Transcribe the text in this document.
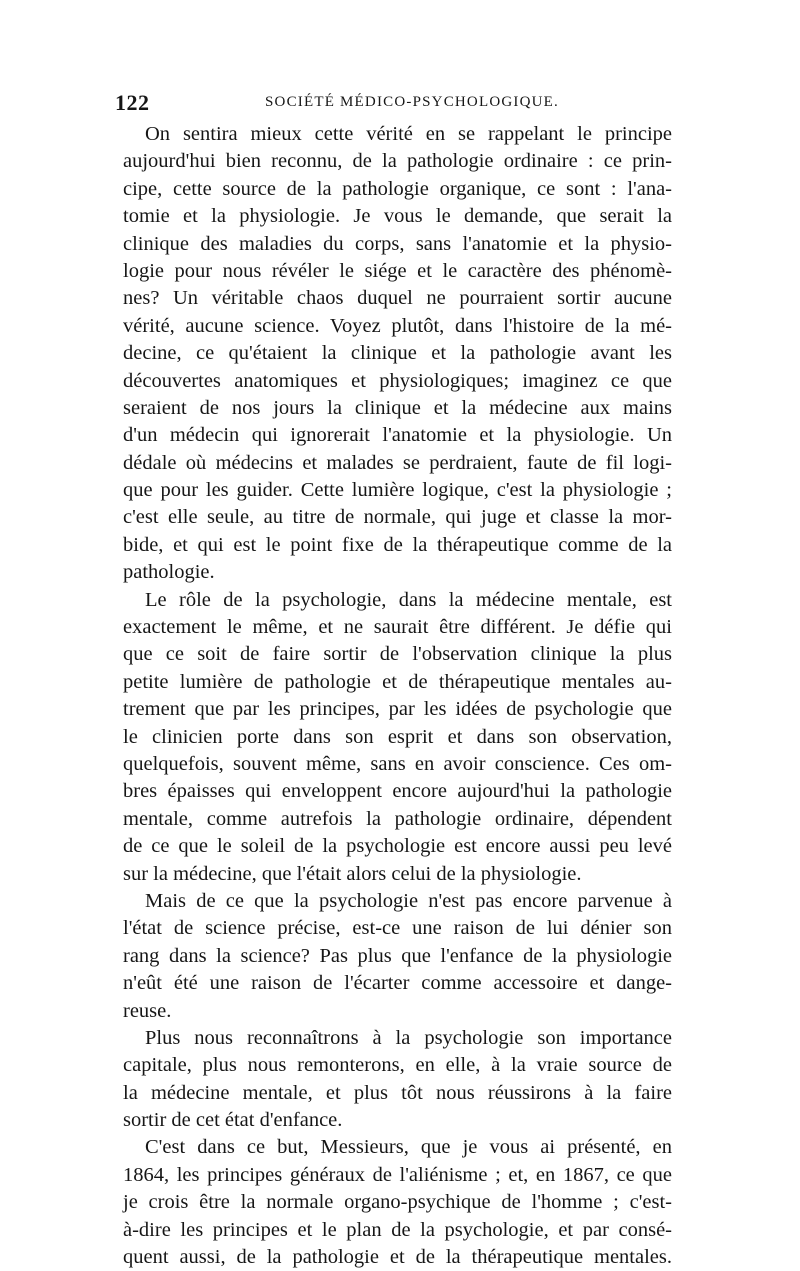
122	SOCIÉTÉ MÉDICO-PSYCHOLOGIQUE.
On sentira mieux cette vérité en se rappelant le principe
aujourd'hui bien reconnu, de la pathologie ordinaire : ce prin-
cipe, cette source de la pathologie organique, ce sont : l'ana-
tomie et la physiologie. Je vous le demande, que serait la
clinique des maladies du corps, sans l'anatomie et la physio-
logie pour nous révéler le siége et le caractère des phénomè-
nes? Un véritable chaos duquel ne pourraient sortir aucune
vérité, aucune science. Voyez plutôt, dans l'histoire de la mé-
decine, ce qu'étaient la clinique et la pathologie avant les
découvertes anatomiques et physiologiques; imaginez ce que
seraient de nos jours la clinique et la médecine aux mains
d'un médecin qui ignorerait l'anatomie et la physiologie. Un
dédale où médecins et malades se perdraient, faute de fil logi-
que pour les guider. Cette lumière logique, c'est la physiologie ;
c'est elle seule, au titre de normale, qui juge et classe la mor-
bide, et qui est le point fixe de la thérapeutique comme de la
pathologie.
Le rôle de la psychologie, dans la médecine mentale, est
exactement le même, et ne saurait être différent. Je défie qui
que ce soit de faire sortir de l'observation clinique la plus
petite lumière de pathologie et de thérapeutique mentales au-
trement que par les principes, par les idées de psychologie que
le clinicien porte dans son esprit et dans son observation,
quelquefois, souvent même, sans en avoir conscience. Ces om-
bres épaisses qui enveloppent encore aujourd'hui la pathologie
mentale, comme autrefois la pathologie ordinaire, dépendent
de ce que le soleil de la psychologie est encore aussi peu levé
sur la médecine, que l'était alors celui de la physiologie.
Mais de ce que la psychologie n'est pas encore parvenue à
l'état de science précise, est-ce une raison de lui dénier son
rang dans la science? Pas plus que l'enfance de la physiologie
n'eût été une raison de l'écarter comme accessoire et dange-
reuse.
Plus nous reconnaîtrons à la psychologie son importance
capitale, plus nous remonterons, en elle, à la vraie source de
la médecine mentale, et plus tôt nous réussirons à la faire
sortir de cet état d'enfance.
C'est dans ce but, Messieurs, que je vous ai présenté, en
1864, les principes généraux de l'aliénisme ; et, en 1867, ce que
je crois être la normale organo-psychique de l'homme ; c'est-
à-dire les principes et le plan de la psychologie, et par consé-
quent aussi, de la pathologie et de la thérapeutique mentales.
